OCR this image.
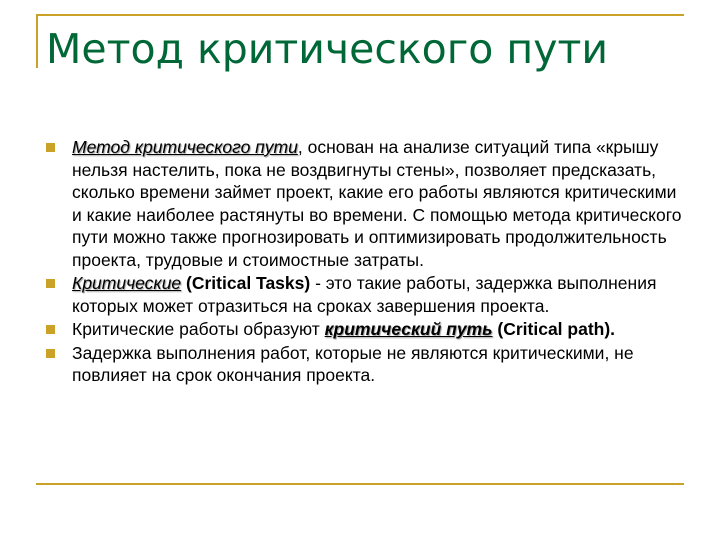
Метод критического пути
Метод критического пути, основан на анализе ситуаций типа «крышу нельзя настелить, пока не воздвигнуты стены», позволяет предсказать, сколько времени займет проект, какие его работы являются критическими и какие наиболее растянуты во времени. С помощью метода критического пути можно также прогнозировать и оптимизировать продолжительность проекта, трудовые и стоимостные затраты.
Критические (Critical Tasks) - это такие работы, задержка выполнения которых может отразиться на сроках завершения проекта.
Критические работы образуют критический путь (Critical path).
Задержка выполнения работ, которые не являются критическими, не повлияет на срок окончания проекта.
